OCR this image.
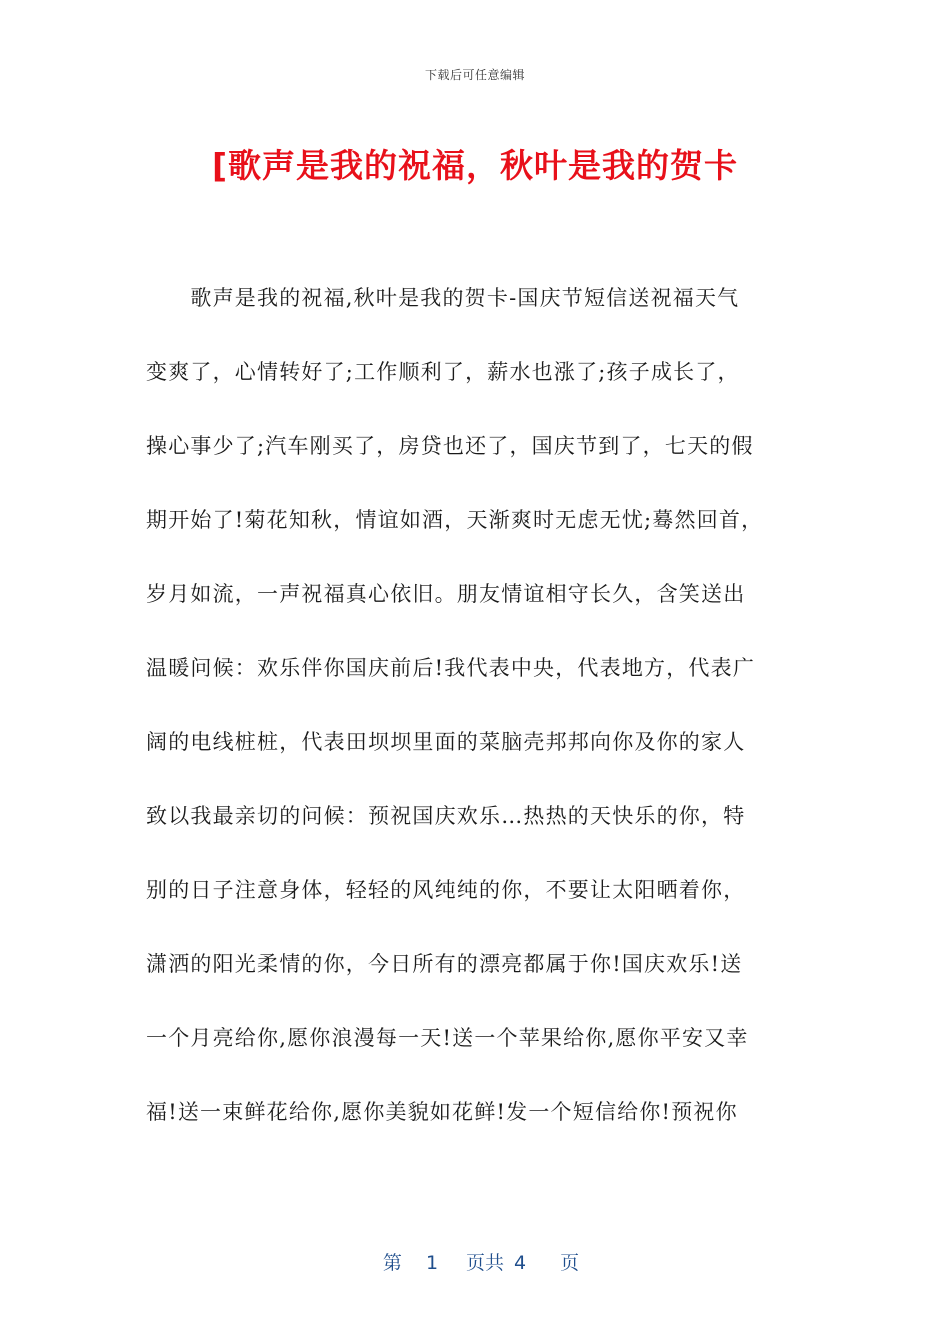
下载后可任意编辑
[歌声是我的祝福，秋叶是我的贺卡
　　歌声是我的祝福,秋叶是我的贺卡-国庆节短信送祝福天气
变爽了，心情转好了;工作顺利了，薪水也涨了;孩子成长了，
操心事少了;汽车刚买了，房贷也还了，国庆节到了，七天的假
期开始了!菊花知秋，情谊如酒，天渐爽时无虑无忧;蓦然回首，
岁月如流，一声祝福真心依旧。朋友情谊相守长久，含笑送出
温暖问候：欢乐伴你国庆前后!我代表中央，代表地方，代表广
阔的电线桩桩，代表田坝坝里面的菜脑壳邦邦向你及你的家人
致以我最亲切的问候：预祝国庆欢乐…热热的天快乐的你，特
别的日子注意身体，轻轻的风纯纯的你，不要让太阳晒着你，
潇洒的阳光柔情的你，今日所有的漂亮都属于你!国庆欢乐!送
一个月亮给你,愿你浪漫每一天!送一个苹果给你,愿你平安又幸
福!送一束鲜花给你,愿你美貌如花鲜!发一个短信给你!预祝你

第 1 页共 4 页
